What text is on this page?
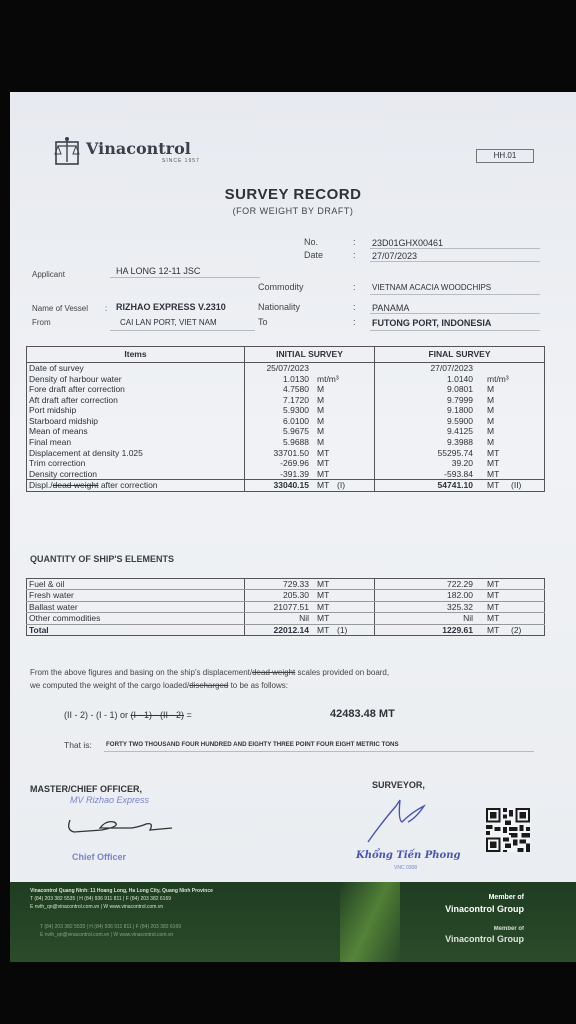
Vinacontrol
SINCE 1957
HH.01
SURVEY RECORD
(FOR WEIGHT BY DRAFT)
No.	: 23D01GHX00461
Date	: 27/07/2023
Applicant	HA LONG 12-11 JSC
Commodity	: VIETNAM ACACIA WOODCHIPS
Name of Vessel : RIZHAO EXPRESS V.2310	Nationality	: PANAMA
From	CAI LAN PORT, VIET NAM	To	: FUTONG PORT, INDONESIA
Items	INITIAL SURVEY	FINAL SURVEY
Date of survey	25/07/2023	27/07/2023
Density of harbour water	1.0130 mt/m³	1.0140 mt/m³
Fore draft after correction	4.7580 M	9.0801 M
Aft draft after correction	7.1720 M	9.7999 M
Port midship	5.9300 M	9.1800 M
Starboard midship	6.0100 M	9.5900 M
Mean of means	5.9675 M	9.4125 M
Final mean	5.9688 M	9.3988 M
Displacement at density 1.025	33701.50 MT	55295.74 MT
Trim correction	-269.96 MT	39.20 MT
Density correction	-391.39 MT	-593.84 MT
Displ./dead weight after correction	33040.15 MT (I)	54741.10 MT (II)
QUANTITY OF SHIP'S ELEMENTS
Fuel & oil	729.33 MT	722.29 MT
Fresh water	205.30 MT	182.00 MT
Ballast water	21077.51 MT	325.32 MT
Other commodities	Nil MT	Nil MT
Total	22012.14 MT (1)	1229.61 MT (2)
From the above figures and basing on the ship's displacement/dead weight scales provided on board,
we computed the weight of the cargo loaded/discharged to be as follows:
(II - 2) - (I - 1) or (I - 1) - (II - 2) =	42483.48 MT
That is: FORTY TWO THOUSAND FOUR HUNDRED AND EIGHTY THREE POINT FOUR EIGHT METRIC TONS
MASTER/CHIEF OFFICER,
MV Rizhao Express
Chief Officer
SURVEYOR,
Khổng Tiến Phong
VNC 0308
Vinacontrol Quang Ninh: 11 Hoang Long, Ha Long City, Quang Ninh Province
T (84) 203 382 5535 | H (84) 936 911 811 | F (84) 203 382 6169
E nvth_qn@vinacontrol.com.vn | W www.vinacontrol.com.vn
Member of
Vinacontrol Group
T (84) 203 382 5535 | H (84) 936 911 811 | F (84) 203 382 6169
E nvth_qn@vinacontrol.com.vn | W www.vinacontrol.com.vn
Member of
Vinacontrol Group
